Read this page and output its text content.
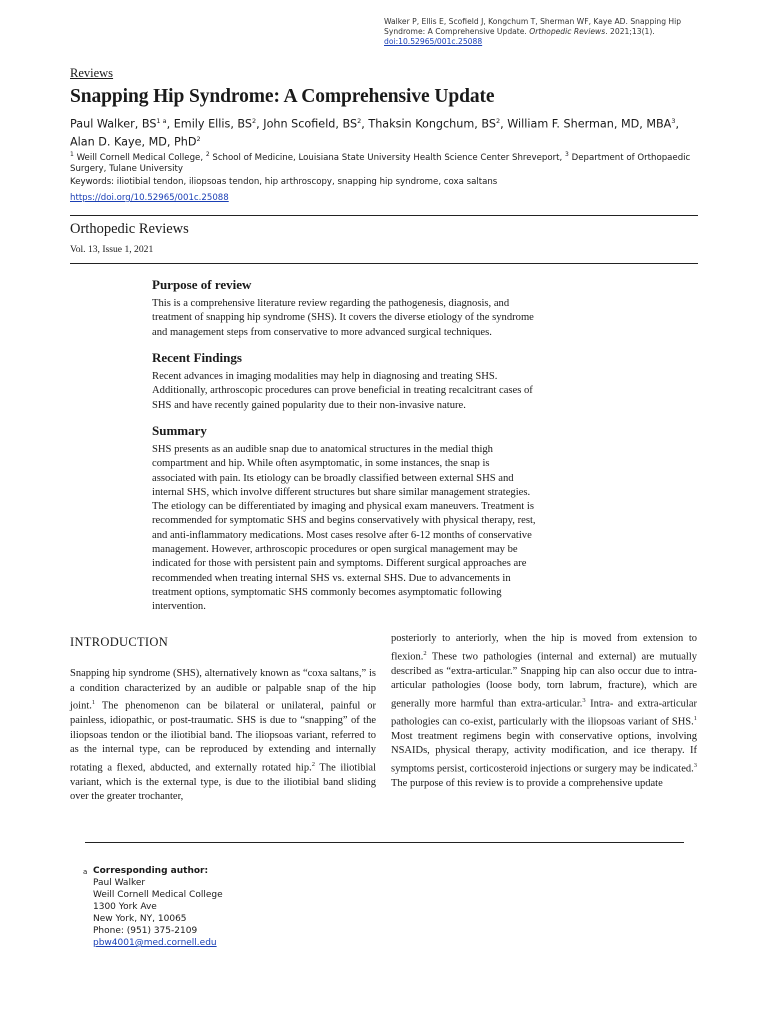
Walker P, Ellis E, Scofield J, Kongchum T, Sherman WF, Kaye AD. Snapping Hip Syndrome: A Comprehensive Update. Orthopedic Reviews. 2021;13(1).
doi:10.52965/001c.25088
Reviews
Snapping Hip Syndrome: A Comprehensive Update
Paul Walker, $BS^{1 a}$, Emily Ellis, $BS^2$, John Scofield, $BS^2$, Thaksin Kongchum, $BS^2$, William F. Sherman, MD, MBA$^3$, Alan D. Kaye, MD, PhD$^2$
$^1$ Weill Cornell Medical College, $^2$ School of Medicine, Louisiana State University Health Science Center Shreveport, $^3$ Department of Orthopaedic Surgery, Tulane University
Keywords: iliotibial tendon, iliopsoas tendon, hip arthroscopy, snapping hip syndrome, coxa saltans
https://doi.org/10.52965/001c.25088
Orthopedic Reviews
Vol. 13, Issue 1, 2021
Purpose of review
This is a comprehensive literature review regarding the pathogenesis, diagnosis, and
treatment of snapping hip syndrome (SHS). It covers the diverse etiology of the syndrome
and management steps from conservative to more advanced surgical techniques.
Recent Findings
Recent advances in imaging modalities may help in diagnosing and treating SHS.
Additionally, arthroscopic procedures can prove beneficial in treating recalcitrant cases of
SHS and have recently gained popularity due to their non-invasive nature.
Summary
SHS presents as an audible snap due to anatomical structures in the medial thigh
compartment and hip. While often asymptomatic, in some instances, the snap is
associated with pain. Its etiology can be broadly classified between external SHS and
internal SHS, which involve different structures but share similar management strategies.
The etiology can be differentiated by imaging and physical exam maneuvers. Treatment is
recommended for symptomatic SHS and begins conservatively with physical therapy, rest,
and anti-inflammatory medications. Most cases resolve after 6-12 months of conservative
management. However, arthroscopic procedures or open surgical management may be
indicated for those with persistent pain and symptoms. Different surgical approaches are
recommended when treating internal SHS vs. external SHS. Due to advancements in
treatment options, symptomatic SHS commonly becomes asymptomatic following
intervention.
INTRODUCTION
Snapping hip syndrome (SHS), alternatively known as “coxa saltans,” is a condition characterized by an audible or palpable snap of the hip joint.$^1$ The phenomenon can be bilateral or unilateral, painful or painless, idiopathic, or post-traumatic. SHS is due to “snapping” of the iliopsoas tendon or the iliotibial band. The iliopsoas variant, referred to as the internal type, can be reproduced by extending and internally rotating a flexed, abducted, and externally rotated hip.$^2$ The iliotibial variant, which is the external type, is due to the iliotibial band sliding over the greater trochanter,
posteriorly to anteriorly, when the hip is moved from extension to flexion.$^2$ These two pathologies (internal and external) are mutually described as “extra-articular.” Snapping hip can also occur due to intra-articular pathologies (loose body, torn labrum, fracture), which are generally more harmful than extra-articular.$^3$ Intra- and extra-articular pathologies can co-exist, particularly with the iliopsoas variant of SHS.$^1$ Most treatment regimens begin with conservative options, involving NSAIDs, physical therapy, activity modification, and ice therapy. If symptoms persist, corticosteroid injections or surgery may be indicated.$^3$ The purpose of this review is to provide a comprehensive update
a Corresponding author:
Paul Walker
Weill Cornell Medical College
1300 York Ave
New York, NY, 10065
Phone: (951) 375-2109
pbw4001@med.cornell.edu
